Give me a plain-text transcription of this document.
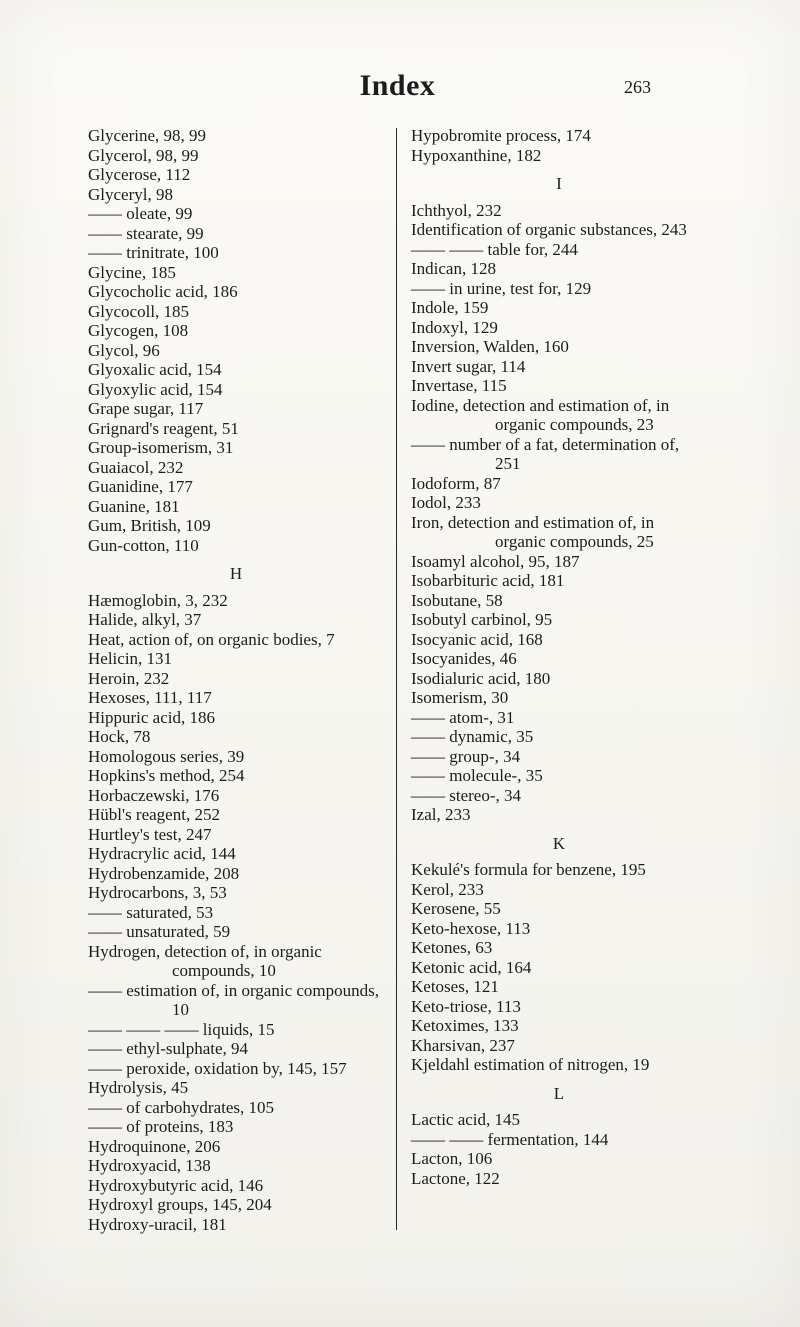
Index	263
Glycerine, 98, 99
Glycerol, 98, 99
Glycerose, 112
Glyceryl, 98
—— oleate, 99
—— stearate, 99
—— trinitrate, 100
Glycine, 185
Glycocholic acid, 186
Glycocoll, 185
Glycogen, 108
Glycol, 96
Glyoxalic acid, 154
Glyoxylic acid, 154
Grape sugar, 117
Grignard's reagent, 51
Group-isomerism, 31
Guaiacol, 232
Guanidine, 177
Guanine, 181
Gum, British, 109
Gun-cotton, 110
H
Hæmoglobin, 3, 232
Halide, alkyl, 37
Heat, action of, on organic bodies, 7
Helicin, 131
Heroin, 232
Hexoses, 111, 117
Hippuric acid, 186
Hock, 78
Homologous series, 39
Hopkins's method, 254
Horbaczewski, 176
Hübl's reagent, 252
Hurtley's test, 247
Hydracrylic acid, 144
Hydrobenzamide, 208
Hydrocarbons, 3, 53
—— saturated, 53
—— unsaturated, 59
Hydrogen, detection of, in organic compounds, 10
—— estimation of, in organic compounds, 10
—— —— —— liquids, 15
—— ethyl-sulphate, 94
—— peroxide, oxidation by, 145, 157
Hydrolysis, 45
—— of carbohydrates, 105
—— of proteins, 183
Hydroquinone, 206
Hydroxyacid, 138
Hydroxybutyric acid, 146
Hydroxyl groups, 145, 204
Hydroxy-uracil, 181
Hypobromite process, 174
Hypoxanthine, 182
I
Ichthyol, 232
Identification of organic substances, 243
—— —— table for, 244
Indican, 128
—— in urine, test for, 129
Indole, 159
Indoxyl, 129
Inversion, Walden, 160
Invert sugar, 114
Invertase, 115
Iodine, detection and estimation of, in organic compounds, 23
—— number of a fat, determination of, 251
Iodoform, 87
Iodol, 233
Iron, detection and estimation of, in organic compounds, 25
Isoamyl alcohol, 95, 187
Isobarbituric acid, 181
Isobutane, 58
Isobutyl carbinol, 95
Isocyanic acid, 168
Isocyanides, 46
Isodialuric acid, 180
Isomerism, 30
—— atom-, 31
—— dynamic, 35
—— group-, 34
—— molecule-, 35
—— stereo-, 34
Izal, 233
K
Kekulé's formula for benzene, 195
Kerol, 233
Kerosene, 55
Keto-hexose, 113
Ketones, 63
Ketonic acid, 164
Ketoses, 121
Keto-triose, 113
Ketoximes, 133
Kharsivan, 237
Kjeldahl estimation of nitrogen, 19
L
Lactic acid, 145
—— —— fermentation, 144
Lacton, 106
Lactone, 122
